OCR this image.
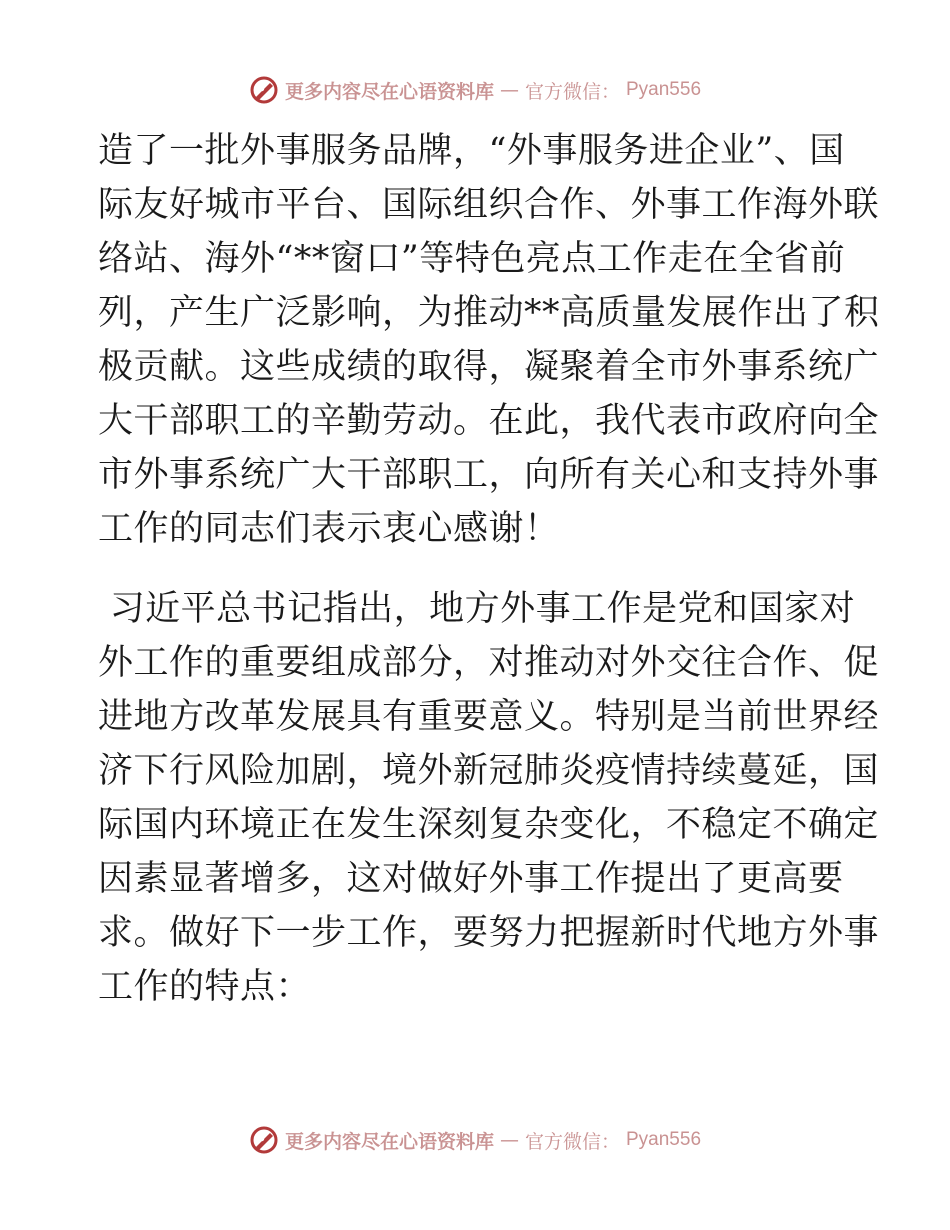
更多内容尽在心语资料库 — 官方微信： Pyan556
造了一批外事服务品牌，“外事服务进企业”、国
际友好城市平台、国际组织合作、外事工作海外联
络站、海外“**窗口”等特色亮点工作走在全省前
列，产生广泛影响，为推动**高质量发展作出了积
极贡献。这些成绩的取得，凝聚着全市外事系统广
大干部职工的辛勤劳动。在此，我代表市政府向全
市外事系统广大干部职工，向所有关心和支持外事
工作的同志们表示衷心感谢！
习近平总书记指出，地方外事工作是党和国家对
外工作的重要组成部分，对推动对外交往合作、促
进地方改革发展具有重要意义。特别是当前世界经
济下行风险加剧，境外新冠肺炎疫情持续蔓延，国
际国内环境正在发生深刻复杂变化，不稳定不确定
因素显著增多，这对做好外事工作提出了更高要
求。做好下一步工作，要努力把握新时代地方外事
工作的特点：
更多内容尽在心语资料库 — 官方微信： Pyan556
